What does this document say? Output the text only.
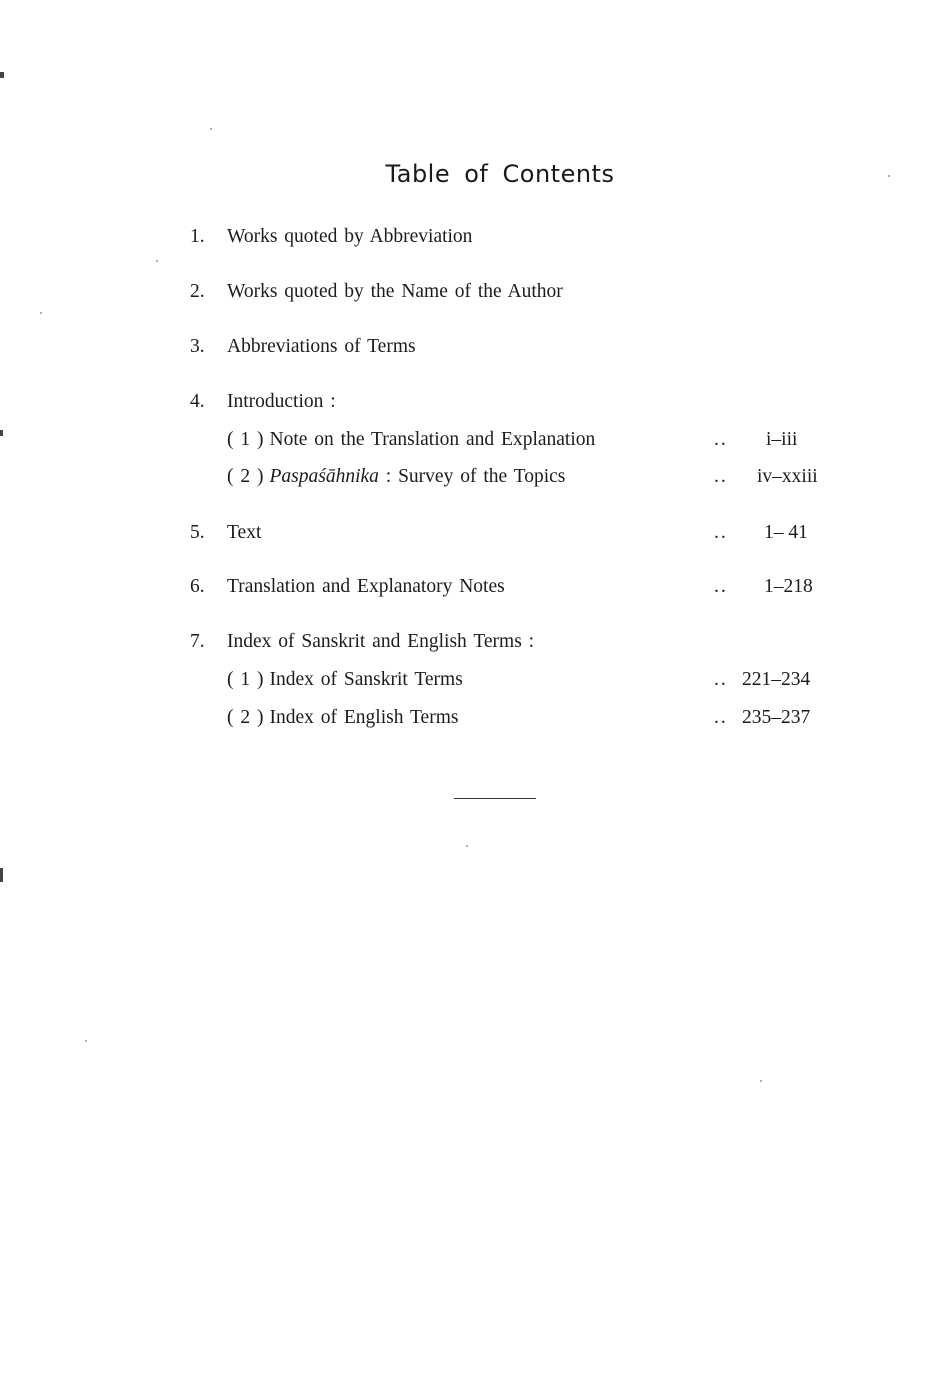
Table of Contents
1. Works quoted by Abbreviation
2. Works quoted by the Name of the Author
3. Abbreviations of Terms
4. Introduction :
( 1 ) Note on the Translation and Explanation	.. i–iii
( 2 ) Paspaśāhnika : Survey of the Topics	.. iv–xxiii
5. Text	.. 1– 41
6. Translation and Explanatory Notes	.. 1–218
7. Index of Sanskrit and English Terms :
( 1 ) Index of Sanskrit Terms	.. 221–234
( 2 ) Index of English Terms	.. 235–237
